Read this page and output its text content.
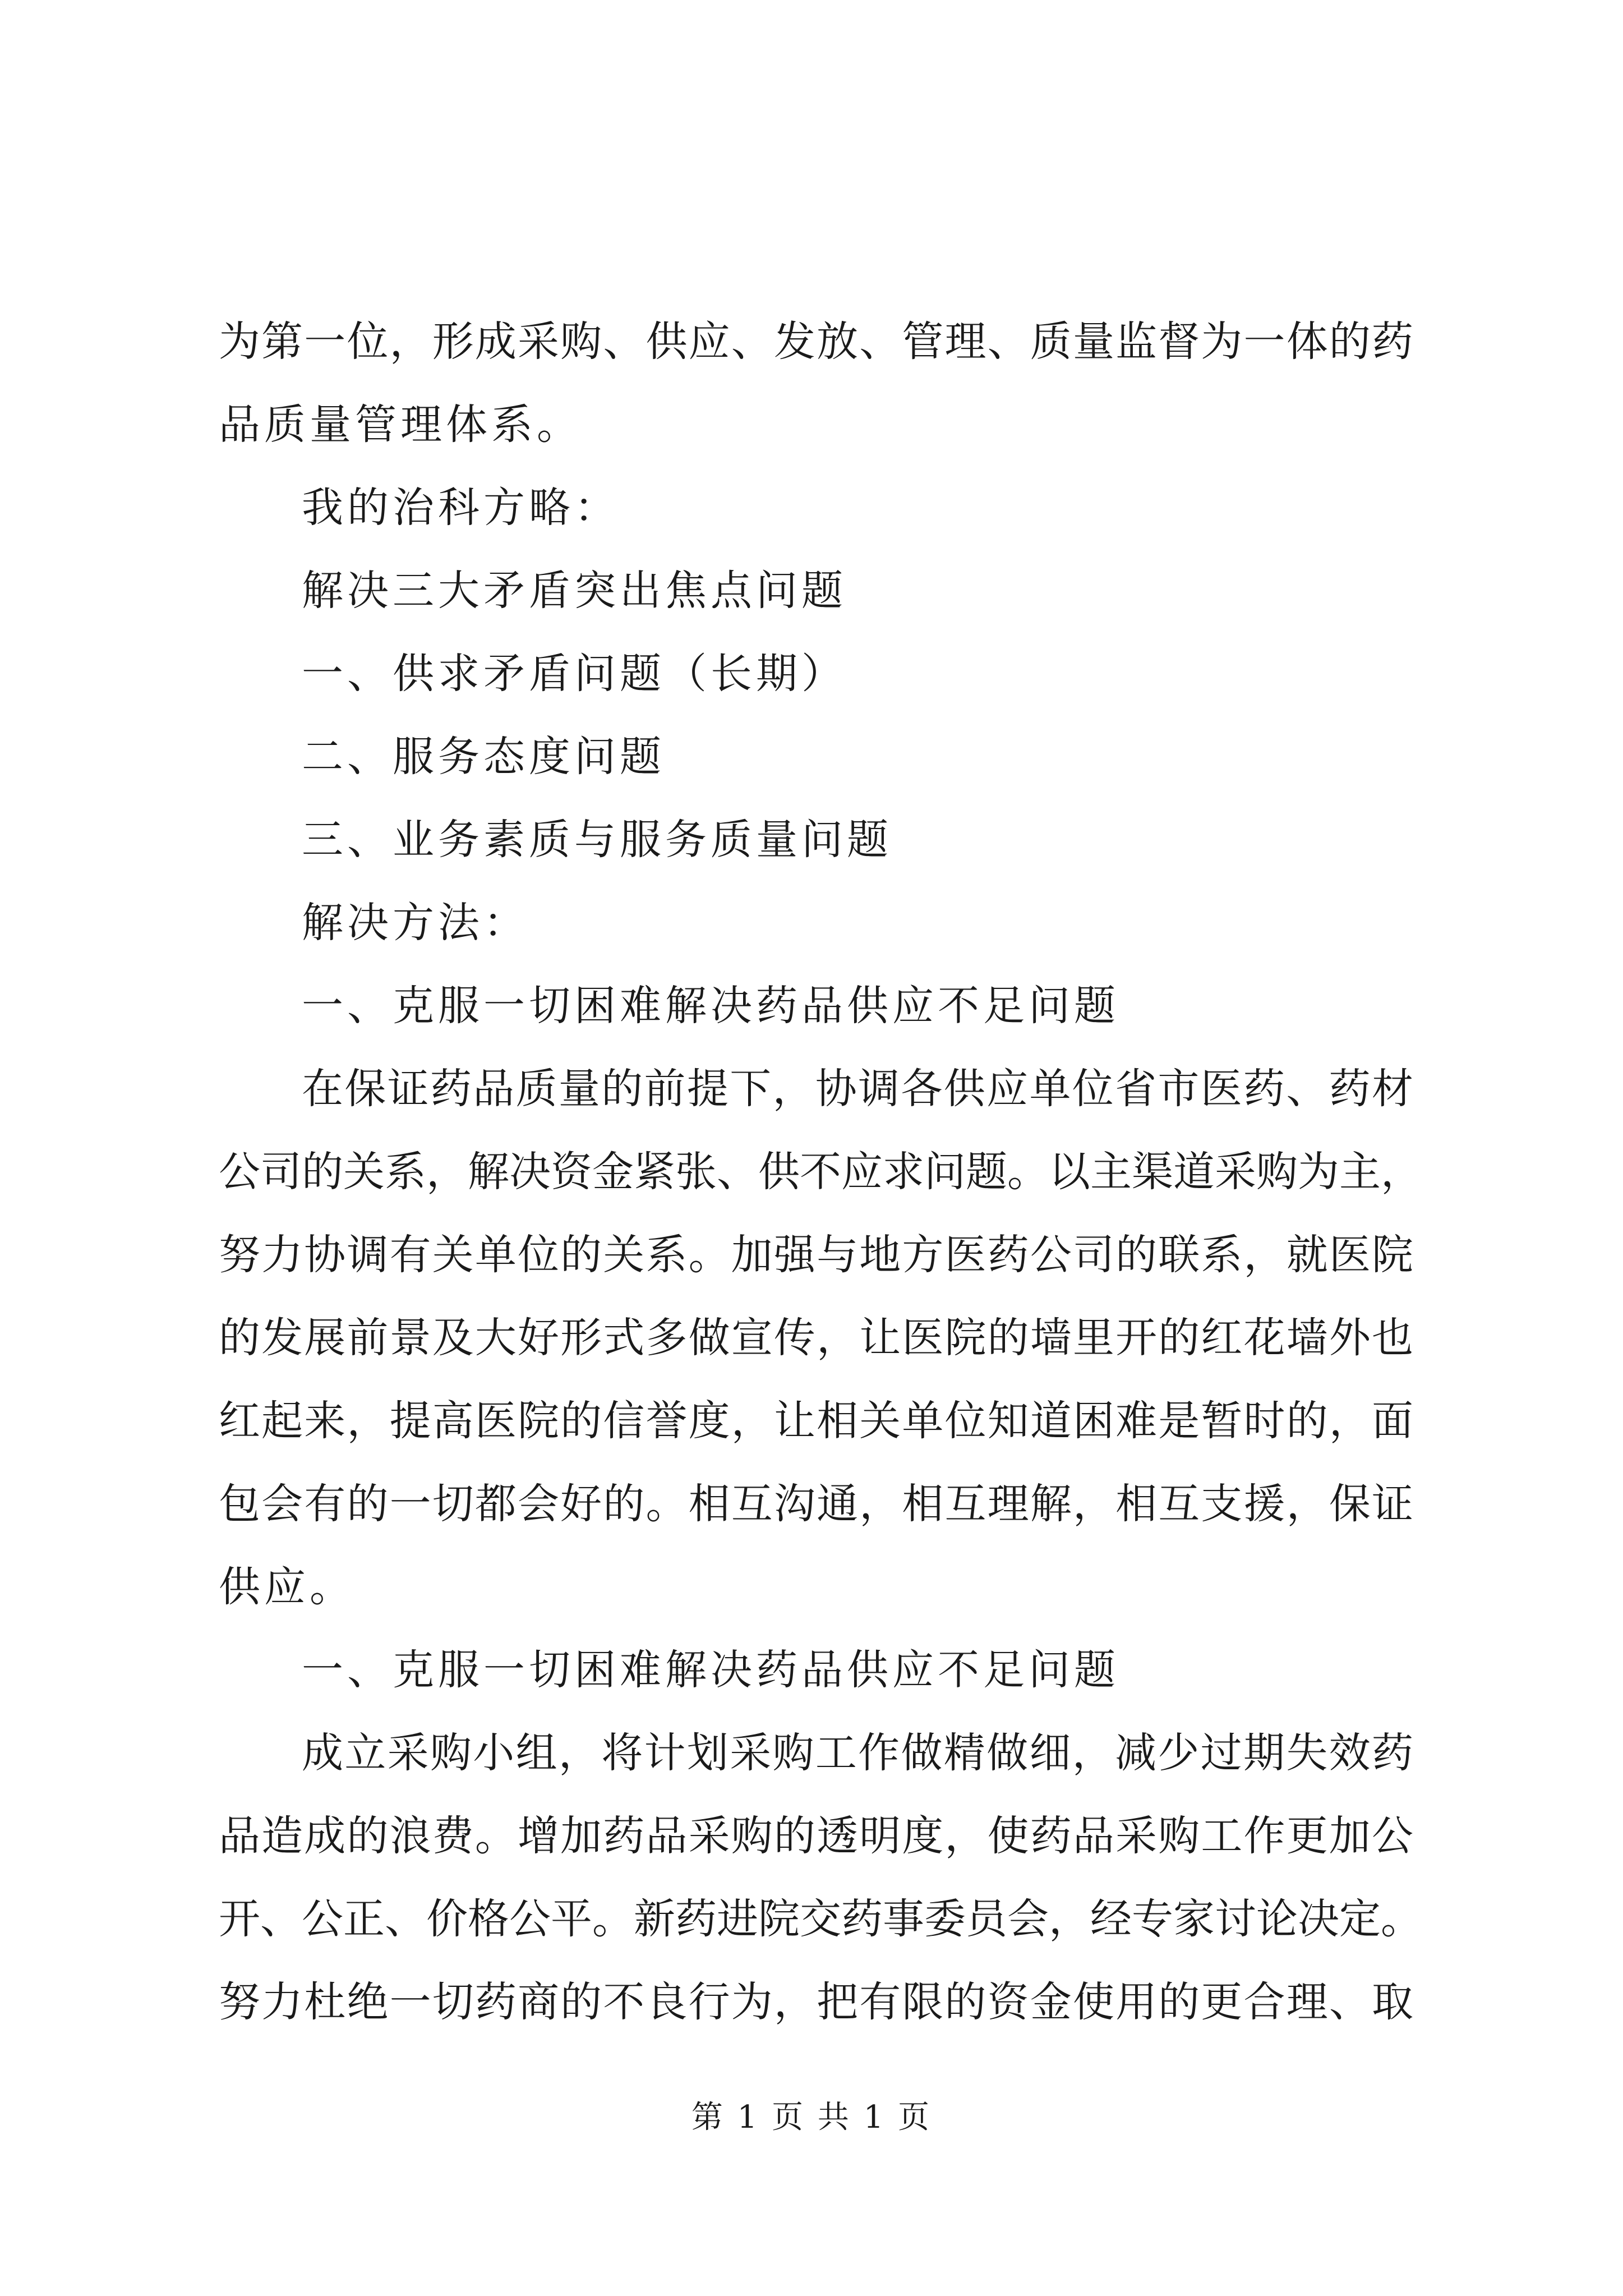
为第一位，形成采购、供应、发放、管理、质量监督为一体的药
品质量管理体系。
我的治科方略：
解决三大矛盾突出焦点问题
一、供求矛盾问题（长期）
二、服务态度问题
三、业务素质与服务质量问题
解决方法：
一、克服一切困难解决药品供应不足问题
在保证药品质量的前提下，协调各供应单位省市医药、药材
公司的关系，解决资金紧张、供不应求问题。以主渠道采购为主，
努力协调有关单位的关系。加强与地方医药公司的联系，就医院
的发展前景及大好形式多做宣传，让医院的墙里开的红花墙外也
红起来，提高医院的信誉度，让相关单位知道困难是暂时的，面
包会有的一切都会好的。相互沟通，相互理解，相互支援，保证
供应。
一、克服一切困难解决药品供应不足问题
成立采购小组，将计划采购工作做精做细，减少过期失效药
品造成的浪费。增加药品采购的透明度，使药品采购工作更加公
开、公正、价格公平。新药进院交药事委员会，经专家讨论决定。
努力杜绝一切药商的不良行为，把有限的资金使用的更合理、取
第 1 页 共 1 页
